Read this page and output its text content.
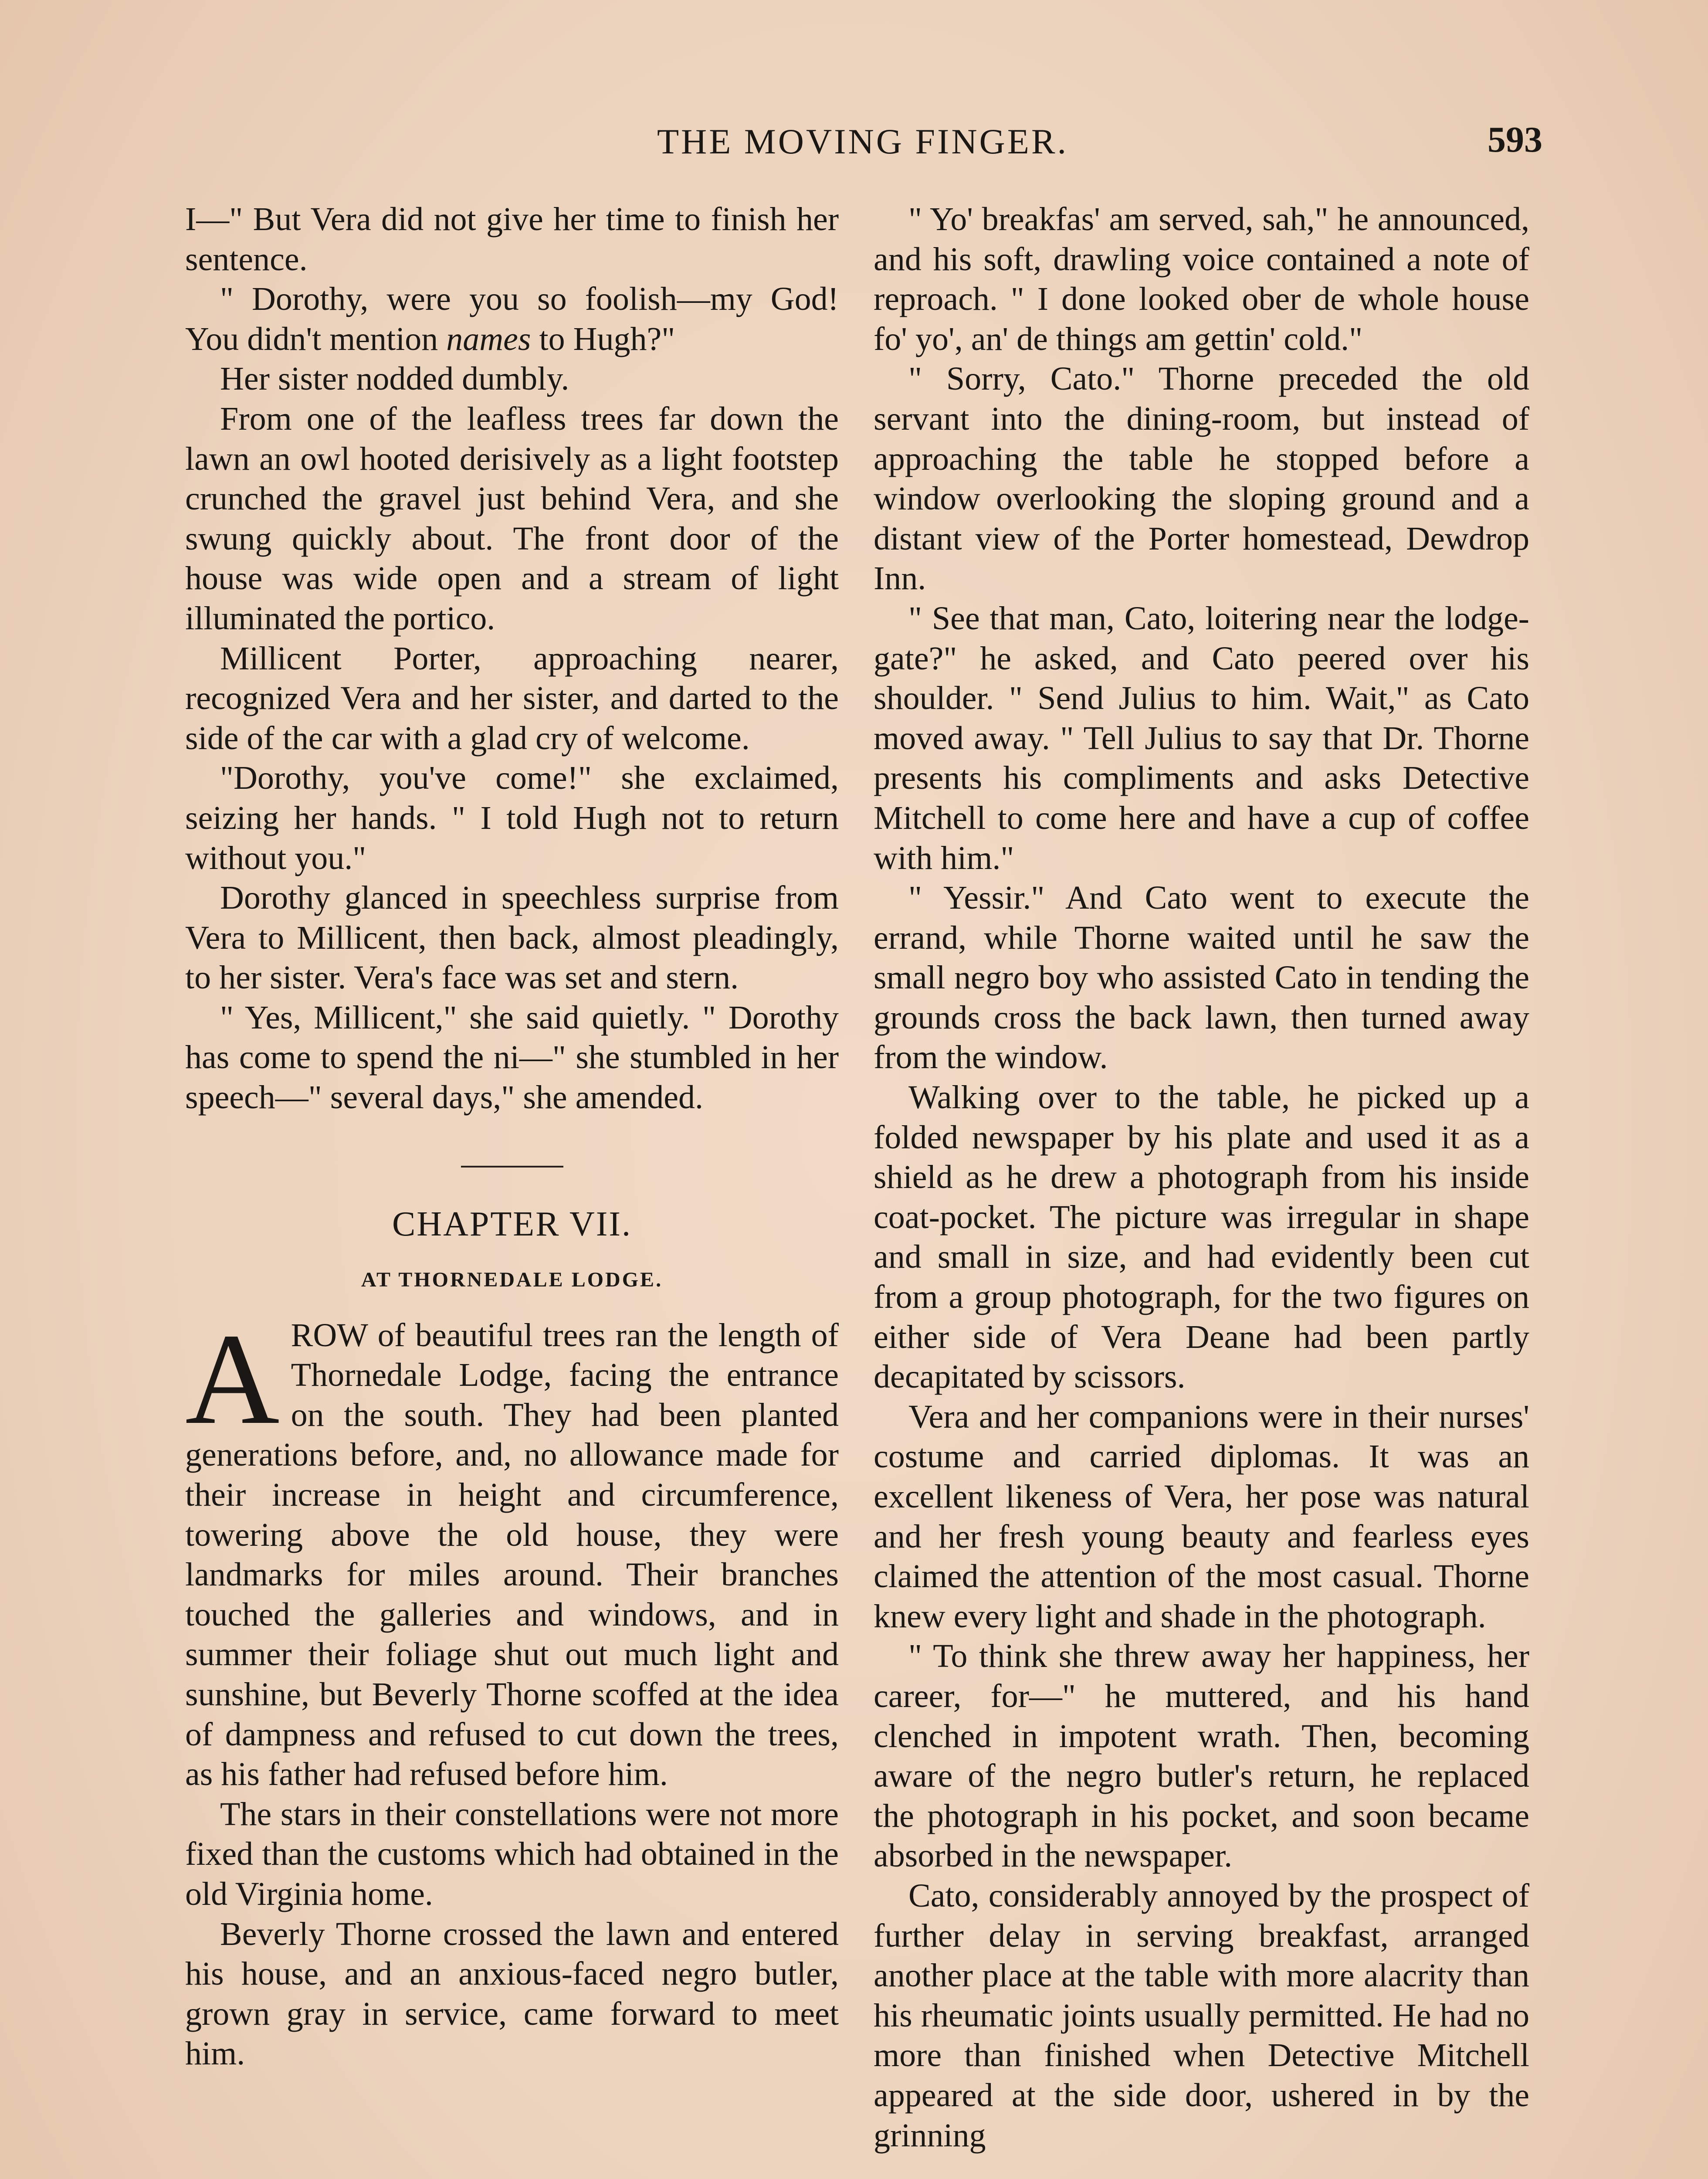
THE MOVING FINGER.	593

I—" But Vera did not give her time to finish her sentence.

" Dorothy, were you so foolish—my God! You didn't mention names to Hugh?"

Her sister nodded dumbly.

From one of the leafless trees far down the lawn an owl hooted derisively as a light footstep crunched the gravel just behind Vera, and she swung quickly about. The front door of the house was wide open and a stream of light illuminated the portico.

Millicent Porter, approaching nearer, recognized Vera and her sister, and darted to the side of the car with a glad cry of welcome.

"Dorothy, you've come!" she exclaimed, seizing her hands. " I told Hugh not to return without you."

Dorothy glanced in speechless surprise from Vera to Millicent, then back, almost pleadingly, to her sister. Vera's face was set and stern.

" Yes, Millicent," she said quietly. " Dorothy has come to spend the ni—" she stumbled in her speech—" several days," she amended.

CHAPTER VII.

AT THORNEDALE LODGE.

AROW of beautiful trees ran the length of Thornedale Lodge, facing the entrance on the south. They had been planted generations before, and, no allowance made for their increase in height and circumference, towering above the old house, they were landmarks for miles around. Their branches touched the galleries and windows, and in summer their foliage shut out much light and sunshine, but Beverly Thorne scoffed at the idea of dampness and refused to cut down the trees, as his father had refused before him.

The stars in their constellations were not more fixed than the customs which had obtained in the old Virginia home.

Beverly Thorne crossed the lawn and entered his house, and an anxious-faced negro butler, grown gray in service, came forward to meet him.

" Yo' breakfas' am served, sah," he announced, and his soft, drawling voice contained a note of reproach. " I done looked ober de whole house fo' yo', an' de things am gettin' cold."

" Sorry, Cato." Thorne preceded the old servant into the dining-room, but instead of approaching the table he stopped before a window overlooking the sloping ground and a distant view of the Porter homestead, Dewdrop Inn.

" See that man, Cato, loitering near the lodge-gate?" he asked, and Cato peered over his shoulder. " Send Julius to him. Wait," as Cato moved away. " Tell Julius to say that Dr. Thorne presents his compliments and asks Detective Mitchell to come here and have a cup of coffee with him."

" Yessir." And Cato went to execute the errand, while Thorne waited until he saw the small negro boy who assisted Cato in tending the grounds cross the back lawn, then turned away from the window.

Walking over to the table, he picked up a folded newspaper by his plate and used it as a shield as he drew a photograph from his inside coat-pocket. The picture was irregular in shape and small in size, and had evidently been cut from a group photograph, for the two figures on either side of Vera Deane had been partly decapitated by scissors.

Vera and her companions were in their nurses' costume and carried diplomas. It was an excellent likeness of Vera, her pose was natural and her fresh young beauty and fearless eyes claimed the attention of the most casual. Thorne knew every light and shade in the photograph.

" To think she threw away her happiness, her career, for—" he muttered, and his hand clenched in impotent wrath. Then, becoming aware of the negro butler's return, he replaced the photograph in his pocket, and soon became absorbed in the newspaper.

Cato, considerably annoyed by the prospect of further delay in serving breakfast, arranged another place at the table with more alacrity than his rheumatic joints usually permitted. He had no more than finished when Detective Mitchell appeared at the side door, ushered in by the grinning
